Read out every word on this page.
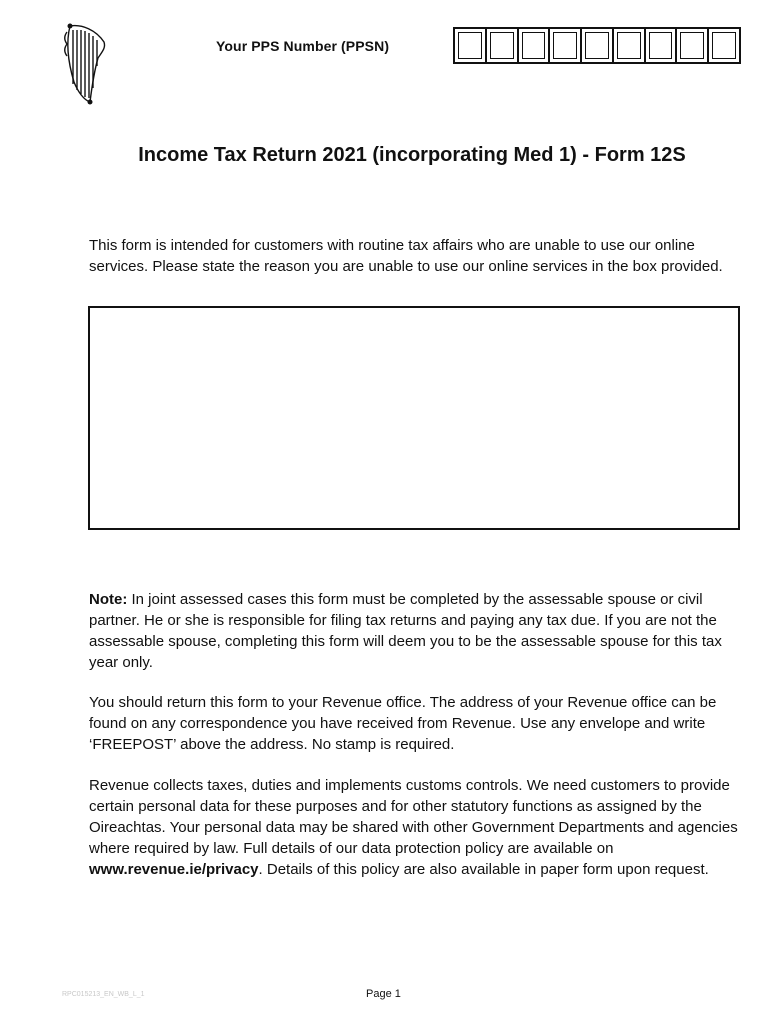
Your PPS Number (PPSN)
Income Tax Return 2021 (incorporating Med 1) - Form 12S
This form is intended for customers with routine tax affairs who are unable to use our online services. Please state the reason you are unable to use our online services in the box provided.
Note: In joint assessed cases this form must be completed by the assessable spouse or civil partner. He or she is responsible for filing tax returns and paying any tax due. If you are not the assessable spouse, completing this form will deem you to be the assessable spouse for this tax year only.
You should return this form to your Revenue office. The address of your Revenue office can be found on any correspondence you have received from Revenue. Use any envelope and write ‘FREEPOST’ above the address. No stamp is required.
Revenue collects taxes, duties and implements customs controls. We need customers to provide certain personal data for these purposes and for other statutory functions as assigned by the Oireachtas. Your personal data may be shared with other Government Departments and agencies where required by law. Full details of our data protection policy are available on www.revenue.ie/privacy. Details of this policy are also available in paper form upon request.
RPC015213_EN_WB_L_1	Page 1
